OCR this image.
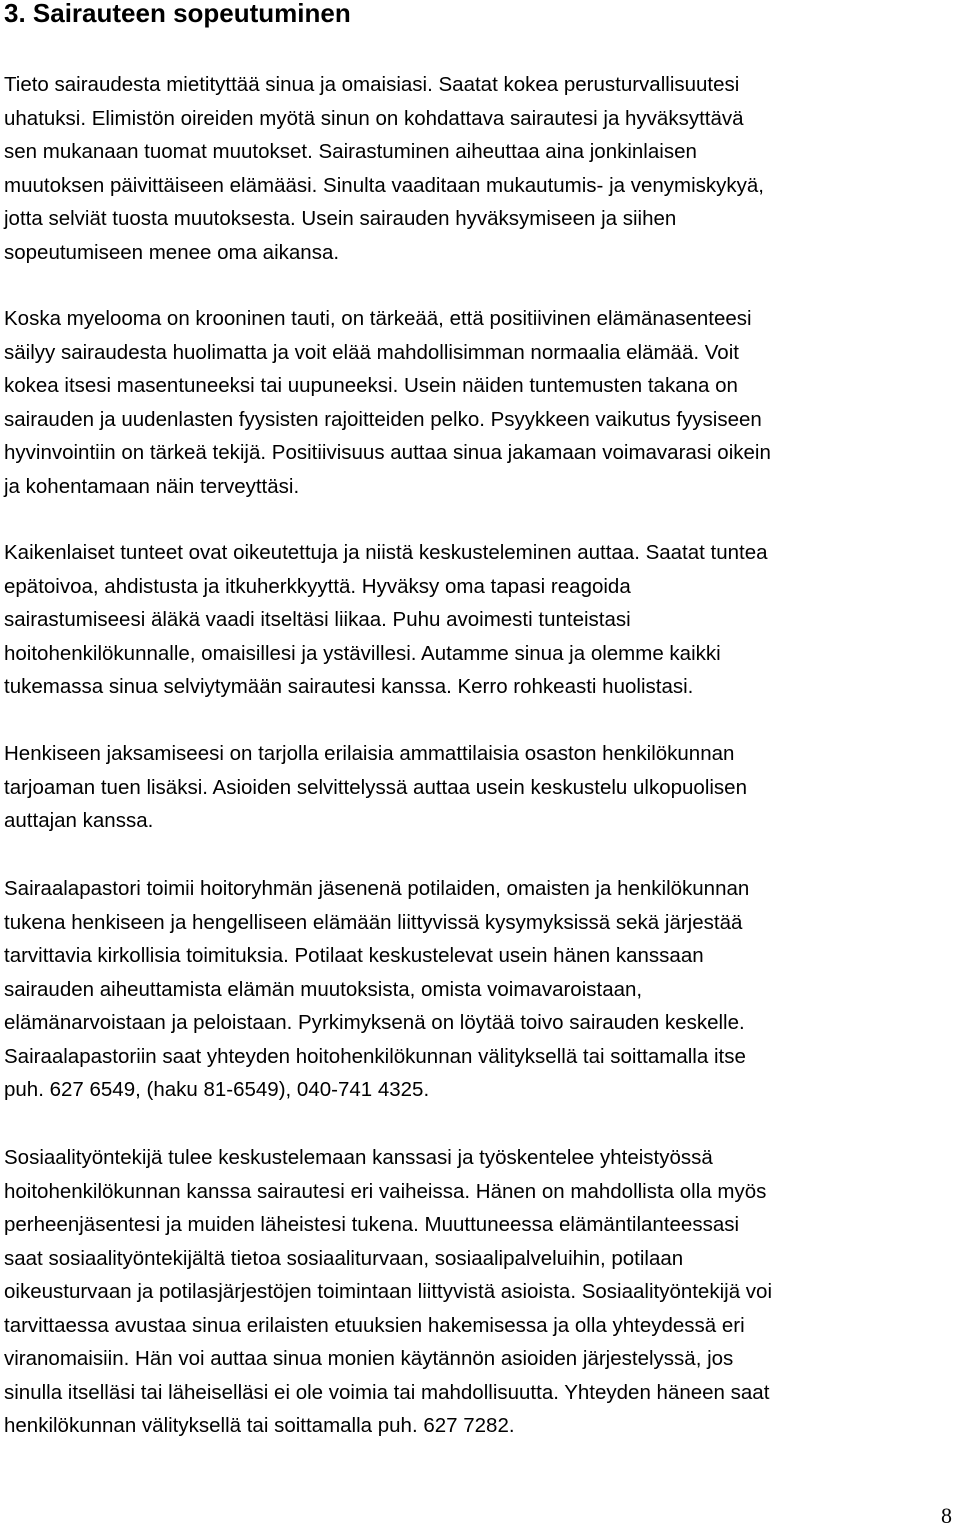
3. Sairauteen sopeutuminen
Tieto sairaudesta mietityttää sinua ja omaisiasi. Saatat kokea perusturvallisuutesi
uhatuksi. Elimistön oireiden myötä sinun on kohdattava sairautesi ja hyväksyttävä
sen mukanaan tuomat muutokset. Sairastuminen aiheuttaa aina jonkinlaisen
muutoksen päivittäiseen elämääsi. Sinulta vaaditaan mukautumis- ja venymiskykyä,
jotta selviät tuosta muutoksesta. Usein sairauden hyväksymiseen ja siihen
sopeutumiseen menee oma aikansa.
Koska myelooma on krooninen tauti, on tärkeää, että positiivinen elämänasenteesi
säilyy sairaudesta huolimatta ja voit elää mahdollisimman normaalia elämää. Voit
kokea itsesi masentuneeksi tai uupuneeksi. Usein näiden tuntemusten takana on
sairauden ja uudenlasten fyysisten rajoitteiden pelko. Psyykkeen vaikutus fyysiseen
hyvinvointiin on tärkeä tekijä. Positiivisuus auttaa sinua jakamaan voimavarasi oikein
ja kohentamaan näin terveyttäsi.
Kaikenlaiset tunteet ovat oikeutettuja ja niistä keskusteleminen auttaa. Saatat tuntea
epätoivoa, ahdistusta ja itkuherkkyyttä. Hyväksy oma tapasi reagoida
sairastumiseesi äläkä vaadi itseltäsi liikaa. Puhu avoimesti tunteistasi
hoitohenkilökunnalle, omaisillesi ja ystävillesi. Autamme sinua ja olemme kaikki
tukemassa sinua selviytymään sairautesi kanssa. Kerro rohkeasti huolistasi.
Henkiseen jaksamiseesi on tarjolla erilaisia ammattilaisia osaston henkilökunnan
tarjoaman tuen lisäksi. Asioiden selvittelyssä auttaa usein keskustelu ulkopuolisen
auttajan kanssa.
Sairaalapastori toimii hoitoryhmän jäsenenä potilaiden, omaisten ja henkilökunnan
tukena henkiseen ja hengelliseen elämään liittyvissä kysymyksissä sekä järjestää
tarvittavia kirkollisia toimituksia. Potilaat keskustelevat usein hänen kanssaan
sairauden aiheuttamista elämän muutoksista, omista voimavaroistaan,
elämänarvoistaan ja peloistaan. Pyrkimyksenä on löytää toivo sairauden keskelle.
Sairaalapastoriin saat yhteyden hoitohenkilökunnan välityksellä tai soittamalla itse
puh. 627 6549, (haku 81-6549), 040-741 4325.
Sosiaalityöntekijä tulee keskustelemaan kanssasi ja työskentelee yhteistyössä
hoitohenkilökunnan kanssa sairautesi eri vaiheissa. Hänen on mahdollista olla myös
perheenjäsentesi ja muiden läheistesi tukena. Muuttuneessa elämäntilanteessasi
saat sosiaalityöntekijältä tietoa sosiaaliturvaan, sosiaalipalveluihin, potilaan
oikeusturvaan ja potilasjärjestöjen toimintaan liittyvistä asioista. Sosiaalityöntekijä voi
tarvittaessa avustaa sinua erilaisten etuuksien hakemisessa ja olla yhteydessä eri
viranomaisiin. Hän voi auttaa sinua monien käytännön asioiden järjestelyssä, jos
sinulla itselläsi tai läheiselläsi ei ole voimia tai mahdollisuutta. Yhteyden häneen saat
henkilökunnan välityksellä tai soittamalla puh. 627 7282.
8
